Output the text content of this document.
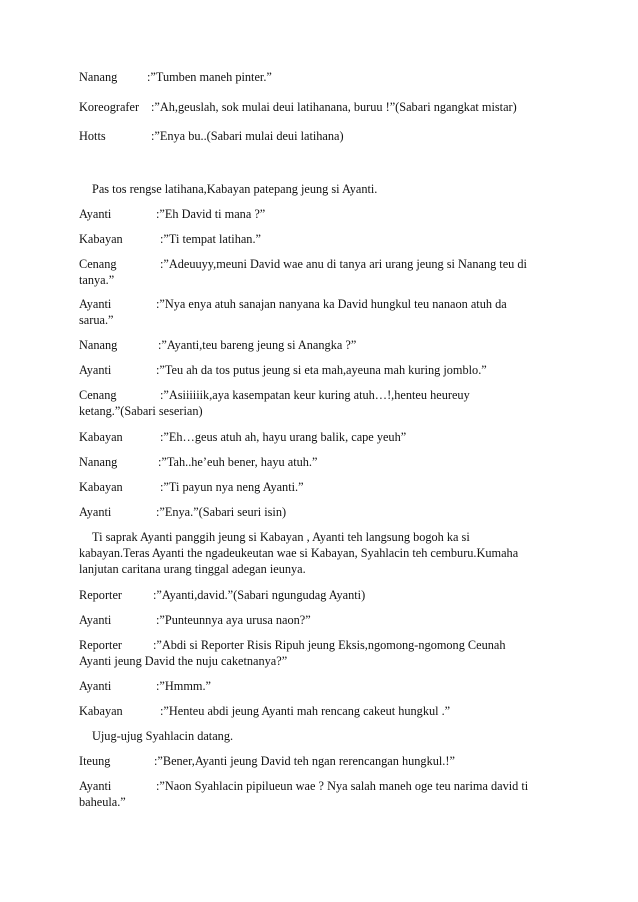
Nanang :”Tumben maneh pinter.”
Koreografer :”Ah,geuslah, sok mulai deui latihanana, buruu !”(Sabari ngangkat mistar)
Hotts	:”Enya bu..(Sabari mulai deui latihana)
Pas tos rengse latihana,Kabayan patepang jeung si Ayanti.
Ayanti	:”Eh David ti mana ?”
Kabayan	:”Ti tempat latihan.”
Cenang	:”Adeuuyy,meuni David wae anu di tanya ari urang jeung si Nanang teu di
tanya.”
Ayanti	:”Nya enya atuh sanajan nanyana ka David hungkul teu nanaon atuh da
sarua.”
Nanang	:”Ayanti,teu bareng jeung si Anangka ?”
Ayanti	:”Teu ah da tos putus jeung si eta mah,ayeuna mah kuring jomblo.”
Cenang	:”Asiiiiiik,aya kasempatan keur kuring atuh…!,henteu heureuy
ketang.”(Sabari seserian)
Kabayan	:”Eh…geus atuh ah, hayu urang balik, cape yeuh”
Nanang	:”Tah..he’euh bener, hayu atuh.”
Kabayan	:”Ti payun nya neng Ayanti.”
Ayanti	:”Enya.”(Sabari seuri isin)
Ti saprak Ayanti panggih jeung si Kabayan , Ayanti teh langsung bogoh ka si
kabayan.Teras Ayanti the ngadeukeutan wae si Kabayan, Syahlacin teh cemburu.Kumaha
lanjutan caritana urang tinggal adegan ieunya.
Reporter	:”Ayanti,david.”(Sabari ngungudag Ayanti)
Ayanti	:”Punteunnya aya urusa naon?”
Reporter	:”Abdi si Reporter Risis Ripuh jeung Eksis,ngomong-ngomong Ceunah
Ayanti jeung David the nuju caketnanya?”
Ayanti	:”Hmmm.”
Kabayan	:”Henteu abdi jeung Ayanti mah rencang cakeut hungkul .”
Ujug-ujug Syahlacin datang.
Iteung	:”Bener,Ayanti jeung David teh ngan rerencangan hungkul.!”
Ayanti	:”Naon Syahlacin pipilueun wae ? Nya salah maneh oge teu narima david ti
baheula.”
